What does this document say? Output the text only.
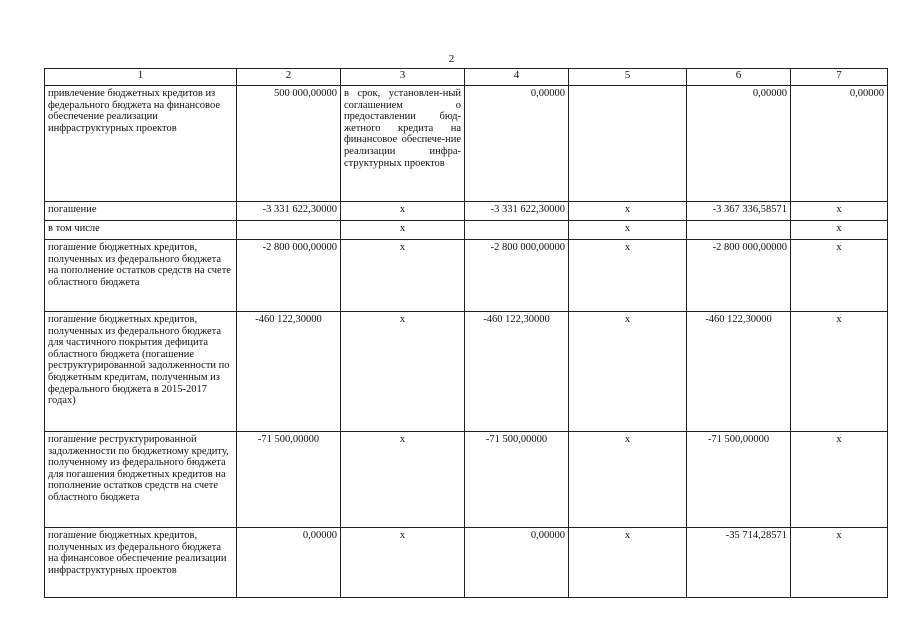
2
1	2	3	4	5	6	7
привлечение бюджетных кредитов из федерального бюджета на финансовое обеспечение реализации инфраструктурных проектов	500 000,00000	в срок, установлен-ный соглашением о предоставлении бюд-жетного кредита на финансовое обеспече-ние реализации инфра-структурных проектов	0,00000		0,00000	0,00000
погашение	-3 331 622,30000	x	-3 331 622,30000	x	-3 367 336,58571	x
в том числе		x		x		x
погашение бюджетных кредитов, полученных из федерального бюджета на пополнение остатков средств на счете областного бюджета	-2 800 000,00000	x	-2 800 000,00000	x	-2 800 000,00000	x
погашение бюджетных кредитов, полученных из федерального бюджета для частичного покрытия дефицита областного бюджета (погашение реструктурированной задолженности по бюджетным кредитам, полученным из федерального бюджета в 2015-2017 годах)	-460 122,30000	x	-460 122,30000	x	-460 122,30000	x
погашение реструктурированной задолженности по бюджетному кредиту, полученному из федерального бюджета для погашения бюджетных кредитов на пополнение остатков средств на счете областного бюджета	-71 500,00000	x	-71 500,00000	x	-71 500,00000	x
погашение бюджетных кредитов, полученных из федерального бюджета на финансовое обеспечение реализации инфраструктурных проектов	0,00000	x	0,00000	x	-35 714,28571	x
